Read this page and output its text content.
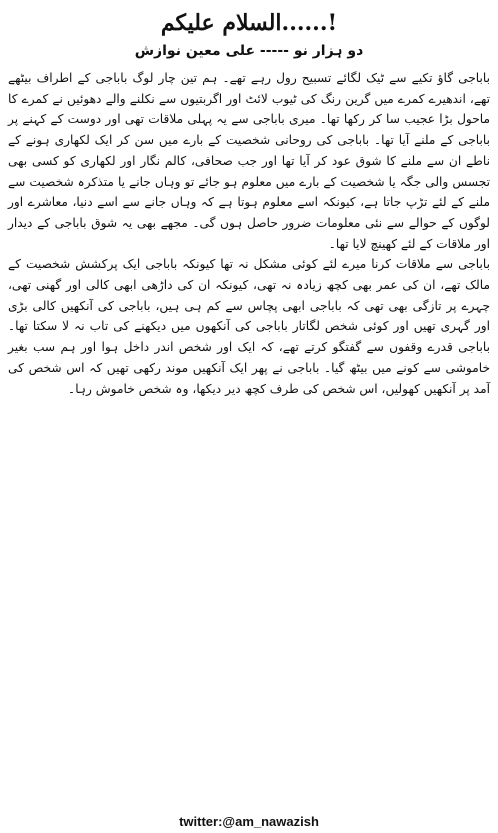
السلام علیکم......!
دو ہزار نو ----- علی معین نوازش

باباجی گاؤ تکیے سے ٹیک لگائے تسبیح رول رہے تھے۔ ہم تین چار لوگ باباجی کے اطراف بیٹھے تھے، اندھیرے کمرے میں گرین رنگ کی ٹیوب لائٹ اور اگربتیوں سے نکلنے والے دھوئیں نے کمرے کا ماحول بڑا عجیب سا کر رکھا تھا۔ میری باباجی سے یہ پہلی ملاقات تھی اور دوست کے کہنے پر باباجی کے ملنے آیا تھا۔ باباجی کی روحانی شخصیت کے بارے میں سن کر ایک لکھاری ہونے کے ناطے ان سے ملنے کا شوق عود کر آیا تھا اور جب صحافی، کالم نگار اور لکھاری کو کسی بھی تجسس والی جگہ یا شخصیت کے بارے میں معلوم ہو جائے تو وہاں جانے یا متذکرہ شخصیت سے ملنے کے لئے تڑپ جاتا ہے، کیونکہ اسے معلوم ہوتا ہے کہ وہاں جانے سے اسے دنیا، معاشرے اور لوگوں کے حوالے سے نئی معلومات ضرور حاصل ہوں گی۔ مجھے بھی یہ شوق باباجی کے دیدار اور ملاقات کے لئے کھینچ لایا تھا۔

باباجی سے ملاقات کرنا میرے لئے کوئی مشکل نہ تھا کیونکہ باباجی ایک پرکشش شخصیت کے مالک تھے، ان کی عمر بھی کچھ زیادہ نہ تھی، کیونکہ ان کی داڑھی ابھی کالی اور گھنی تھی، چہرے پر تازگی بھی تھی کہ باباجی ابھی پچاس سے کم ہی ہیں، باباجی کی آنکھیں کالی بڑی اور گہری تھیں اور کوئی شخص لگاتار باباجی کی آنکھوں میں دیکھنے کی تاب نہ لا سکتا تھا۔ باباجی قدرے وقفوں سے گفتگو کرتے تھے، کہ ایک اور شخص اندر داخل ہوا اور ہم سب بغیر خاموشی سے کونے میں بیٹھ گیا۔ باباجی نے پھر ایک آنکھیں موند رکھی تھیں کہ اس شخص کی آمد پر آنکھیں کھولیں، اس شخص کی طرف کچھ دیر دیکھا، وہ شخص خاموش رہا۔

twitter:@am_nawazish
